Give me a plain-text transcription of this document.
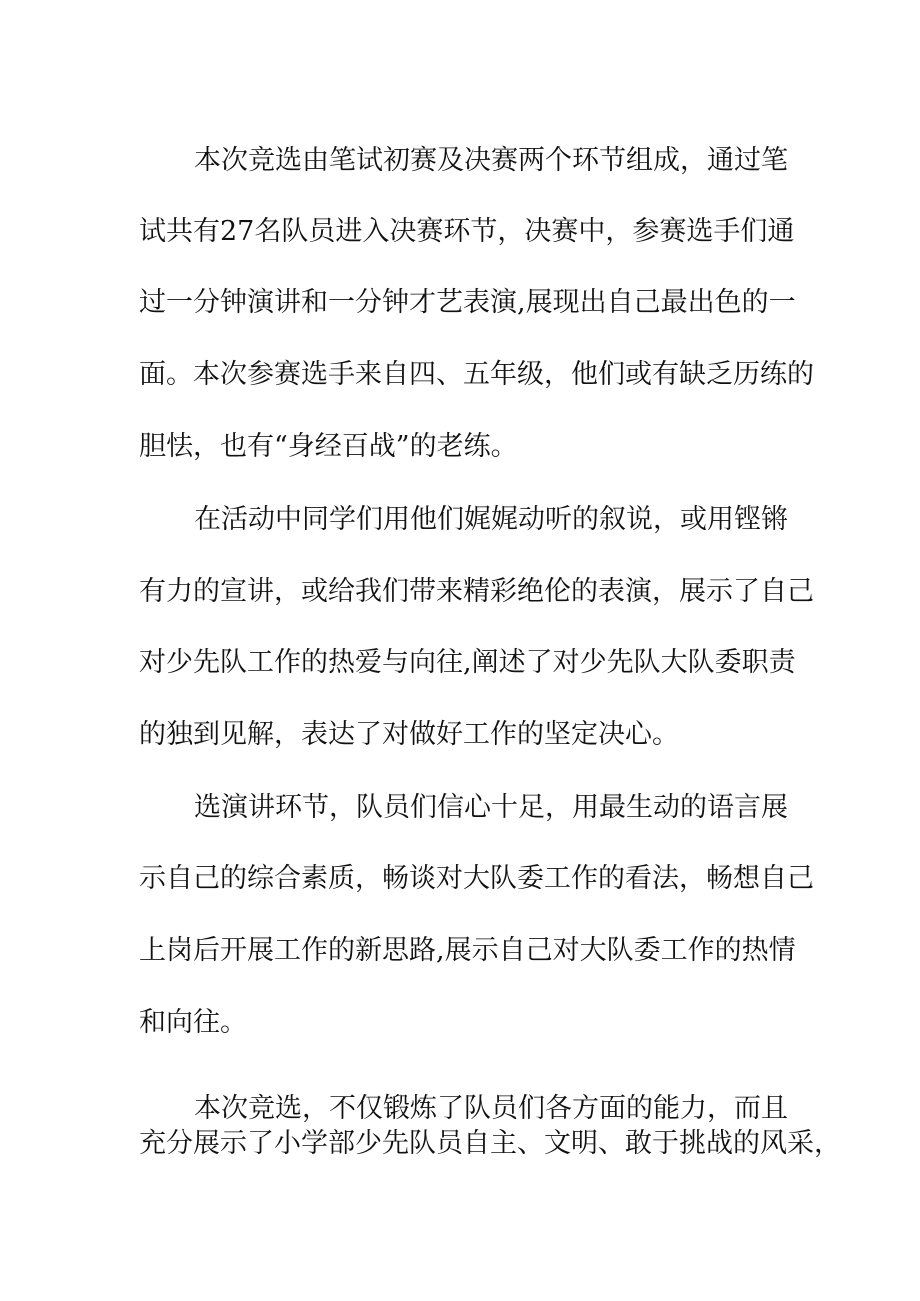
本次竞选由笔试初赛及决赛两个环节组成，通过笔
试共有27名队员进入决赛环节，决赛中，参赛选手们通
过一分钟演讲和一分钟才艺表演,展现出自己最出色的一
面。本次参赛选手来自四、五年级，他们或有缺乏历练的
胆怯，也有“身经百战”的老练。
在活动中同学们用他们娓娓动听的叙说，或用铿锵
有力的宣讲，或给我们带来精彩绝伦的表演，展示了自己
对少先队工作的热爱与向往,阐述了对少先队大队委职责
的独到见解，表达了对做好工作的坚定决心。
选演讲环节，队员们信心十足，用最生动的语言展
示自己的综合素质，畅谈对大队委工作的看法，畅想自己
上岗后开展工作的新思路,展示自己对大队委工作的热情
和向往。
本次竞选，不仅锻炼了队员们各方面的能力，而且
充分展示了小学部少先队员自主、文明、敢于挑战的风采，
